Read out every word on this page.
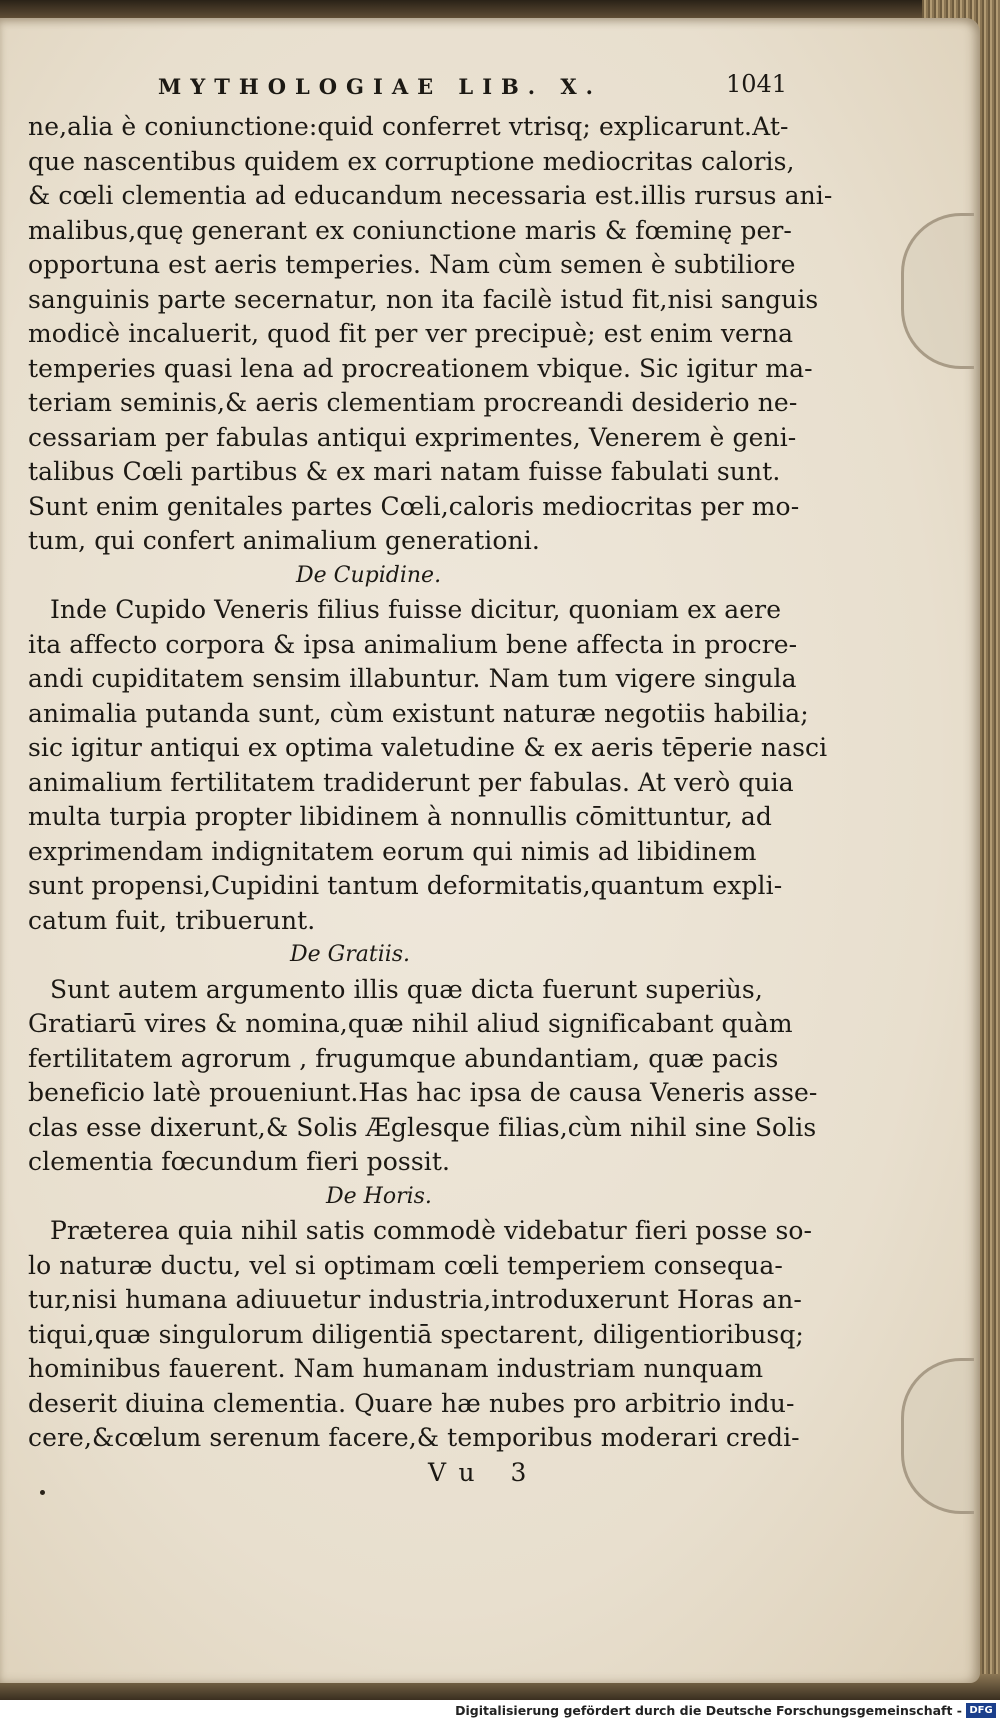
MYTHOLOGIAE LIB. X.	1041
ne,alia è coniunctione:quid conferret vtrisq; explicarunt.At-
que nascentibus quidem ex corruptione mediocritas caloris,
& cœli clementia ad educandum necessaria est.illis rursus ani-
malibus,quę generant ex coniunctione maris & fœminę per-
opportuna est aeris temperies. Nam cùm semen è subtiliore
sanguinis parte secernatur, non ita facilè istud fit,nisi sanguis
modicè incaluerit, quod fit per ver precipuè; est enim verna
temperies quasi lena ad procreationem vbique. Sic igitur ma-
teriam seminis,& aeris clementiam procreandi desiderio ne-
cessariam per fabulas antiqui exprimentes, Venerem è geni-
talibus Cœli partibus & ex mari natam fuisse fabulati sunt.
Sunt enim genitales partes Cœli,caloris mediocritas per mo-
tum, qui confert animalium generationi.
De Cupidine.
Inde Cupido Veneris filius fuisse dicitur, quoniam ex aere
ita affecto corpora & ipsa animalium bene affecta in procre-
andi cupiditatem sensim illabuntur. Nam tum vigere singula
animalia putanda sunt, cùm existunt naturæ negotiis habilia;
sic igitur antiqui ex optima valetudine & ex aeris tēperie nasci
animalium fertilitatem tradiderunt per fabulas. At verò quia
multa turpia propter libidinem à nonnullis cōmittuntur, ad
exprimendam indignitatem eorum qui nimis ad libidinem
sunt propensi,Cupidini tantum deformitatis,quantum expli-
catum fuit, tribuerunt.
De Gratiis.
Sunt autem argumento illis quæ dicta fuerunt superiùs,
Gratiarū vires & nomina,quæ nihil aliud significabant quàm
fertilitatem agrorum , frugumque abundantiam, quæ pacis
beneficio latè proueniunt.Has hac ipsa de causa Veneris asse-
clas esse dixerunt,& Solis Æglesque filias,cùm nihil sine Solis
clementia fœcundum fieri possit.
De Horis.
Præterea quia nihil satis commodè videbatur fieri posse so-
lo naturæ ductu, vel si optimam cœli temperiem consequa-
tur,nisi humana adiuuetur industria,introduxerunt Horas an-
tiqui,quæ singulorum diligentiā spectarent, diligentioribusq;
hominibus fauerent. Nam humanam industriam nunquam
deserit diuina clementia. Quare hæ nubes pro arbitrio indu-
cere,&cœlum serenum facere,& temporibus moderari credi-
Vu 3
Digitalisierung gefördert durch die Deutsche Forschungsgemeinschaft - DFG
